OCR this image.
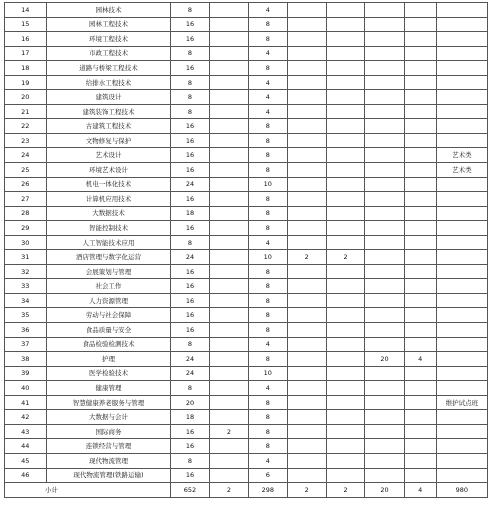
14	园林技术	8		4					
15	园林工程技术	16		8					
16	环境工程技术	16		8					
17	市政工程技术	8		4					
18	道路与桥梁工程技术	16		8					
19	给排水工程技术	8		4					
20	建筑设计	8		4					
21	建筑装饰工程技术	8		4					
22	古建筑工程技术	16		8					
23	文物修复与保护	16		8					
24	艺术设计	16		8					艺术类
25	环境艺术设计	16		8					艺术类
26	机电一体化技术	24		10					
27	计算机应用技术	16		8					
28	大数据技术	18		8					
29	智能控制技术	16		8					
30	人工智能技术应用	8		4					
31	酒店管理与数字化运营	24		10	2	2			
32	会展策划与管理	16		8					
33	社会工作	16		8					
34	人力资源管理	16		8					
35	劳动与社会保障	16		8					
36	食品质量与安全	16		8					
37	食品检验检测技术	8		4					
38	护理	24		8			20	4	
39	医学检验技术	24		10					
40	健康管理	8		4					
41	智慧健康养老服务与管理	20		8					维护试点班
42	大数据与会计	18		8					
43	国际商务	16	2	8					
44	连锁经营与管理	16		8					
45	现代物流管理	8		4					
46	现代物流管理(铁路运输)	16		6					
小计		652	2	298	2	2	20	4	980
